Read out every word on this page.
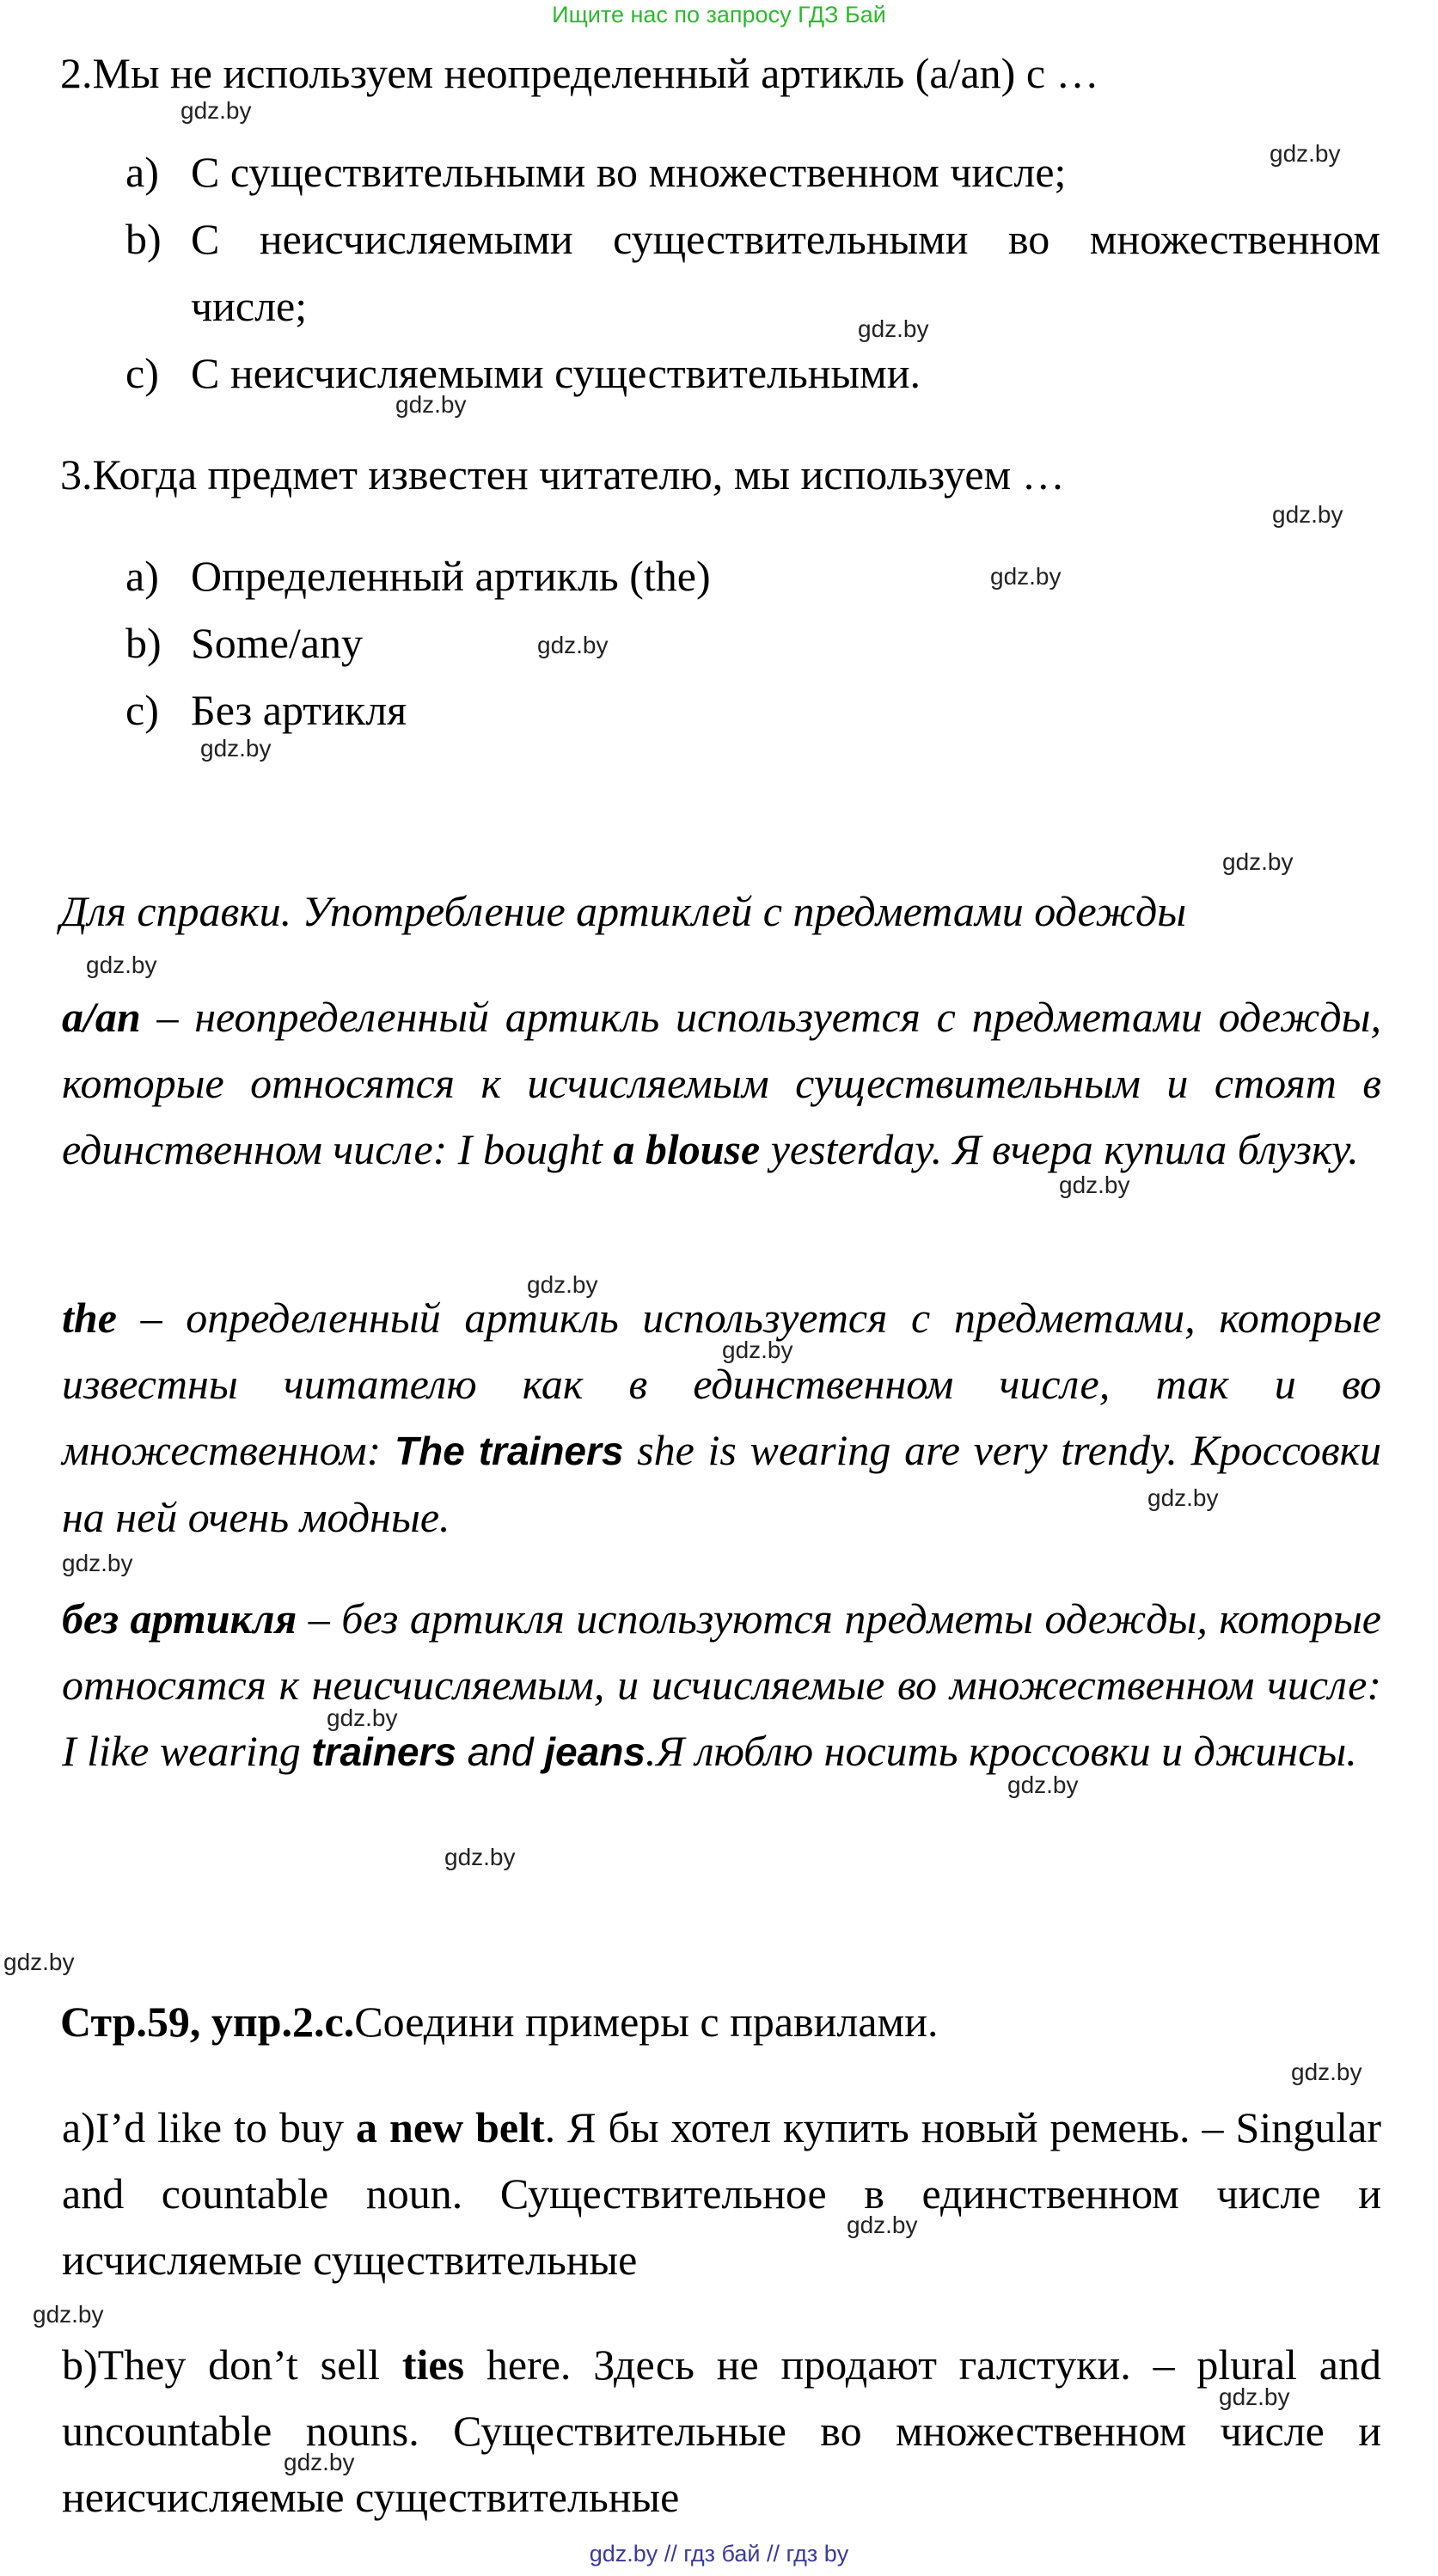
Ищите нас по запросу ГДЗ Бай
2.Мы не используем неопределенный артикль (a/an) с …
a) С существительными во множественном числе;
b) С неисчисляемыми существительными во множественном числе;
c) С неисчисляемыми существительными.
3.Когда предмет известен читателю, мы используем …
a) Определенный артикль (the)
b) Some/any
c) Без артикля
Для справки. Употребление артиклей с предметами одежды
a/an – неопределенный артикль используется с предметами одежды, которые относятся к исчисляемым существительным и стоят в единственном числе: I bought a blouse yesterday. Я вчера купила блузку.
the – определенный артикль используется с предметами, которые известны читателю как в единственном числе, так и во множественном: The trainers she is wearing are very trendy. Кроссовки на ней очень модные.
без артикля – без артикля используются предметы одежды, которые относятся к неисчисляемым, и исчисляемые во множественном числе: I like wearing trainers and jeans.Я люблю носить кроссовки и джинсы.
Стр.59, упр.2.с.Соедини примеры с правилами.
a)I’d like to buy a new belt. Я бы хотел купить новый ремень. – Singular and countable noun. Существительное в единственном числе и исчисляемые существительные
b)They don’t sell ties here. Здесь не продают галстуки. – plural and uncountable nouns. Существительные во множественном числе и неисчисляемые существительные
gdz.by
gdz.by
gdz.by
gdz.by
gdz.by
gdz.by
gdz.by
gdz.by
gdz.by
gdz.by
gdz.by
gdz.by
gdz.by
gdz.by
gdz.by
gdz.by
gdz.by
gdz.by
gdz.by
gdz.by
gdz.by
gdz.by
gdz.by
gdz.by
gdz.by // гдз бай // гдз by
